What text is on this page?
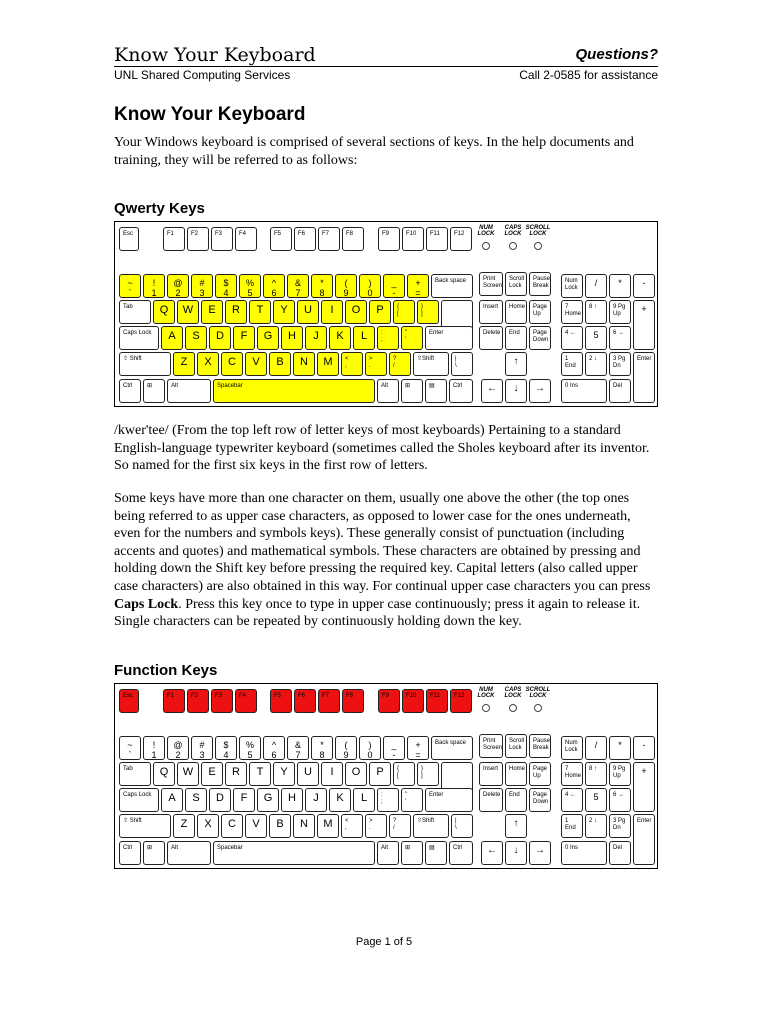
Know Your Keyboard	Questions?
UNL Shared Computing Services	Call 2-0585 for assistance
Know Your Keyboard

Your Windows keyboard is comprised of several sections of keys. In the help documents and training, they will be referred to as follows:

Qwerty Keys
Esc	F1	F2	F3	F4	F5	F6	F7	F8	F9	F10	F11	F12
~
`
!
1
@
2
#
3
$
4
%
5
^
6
&
7
*
8
(
9
)
0
_
-
+
=
Back space
Tab	Q	W	E	R	T	Y	U	I	O	P	{
[
}
]
Caps Lock	A	S	D	F	G	H	J	K	L	:
;
"
'
Enter
⇧ Shift	Z	X	C	V	B	N	M	<
,
>
.
?
/
⇧Shift	|
\
Ctrl	⊞	Alt	Spacebar	Alt	⊞	▤	Ctrl
Print Screen
Scroll Lock
Pause Break
Insert	Home	Page Up
Delete	End	Page Down
↑
←	↓	→
Num Lock	/	*	-
7 Home
8 ↑	9 Pg Up	+
4 ←	5	6 →
1 End
2 ↓	3 Pg Dn
Enter
0 Ins	Del
NUM
LOCK
CAPS
LOCK
SCROLL
LOCK

/kwer'tee/ (From the top left row of letter keys of most keyboards) Pertaining to a standard English-language typewriter keyboard (sometimes called the Sholes keyboard after its inventor. So named for the first six keys in the first row of letters.

Some keys have more than one character on them, usually one above the other (the top ones being referred to as upper case characters, as opposed to lower case for the ones underneath, even for the numbers and symbols keys). These generally consist of punctuation (including accents and quotes) and mathematical symbols. These characters are obtained by pressing and holding down the Shift key before pressing the required key. Capital letters (also called upper case characters) are also obtained in this way. For continual upper case characters you can press Caps Lock. Press this key once to type in upper case continuously; press it again to release it. Single characters can be repeated by continuously holding down the key.

Function Keys
Esc	F1	F2	F3	F4	F5	F6	F7	F8	F9	F10	F11	F12
~
`
!
1
@
2
#
3
$
4
%
5
^
6
&
7
*
8
(
9
)
0
_
-
+
=
Back space
Tab	Q	W	E	R	T	Y	U	I	O	P	{
[
}
]
Caps Lock	A	S	D	F	G	H	J	K	L	:
;
"
'
Enter
⇧ Shift	Z	X	C	V	B	N	M	<
,
>
.
?
/
⇧Shift	|
\
Ctrl	⊞	Alt	Spacebar	Alt	⊞	▤	Ctrl
Print Screen
Scroll Lock
Pause Break
Insert	Home	Page Up
Delete	End	Page Down
↑
←	↓	→
Num Lock	/	*	-
7 Home
8 ↑	9 Pg Up	+
4 ←	5	6 →
1 End
2 ↓	3 Pg Dn
Enter
0 Ins	Del
NUM
LOCK
CAPS
LOCK
SCROLL
LOCK
Page 1 of 5
